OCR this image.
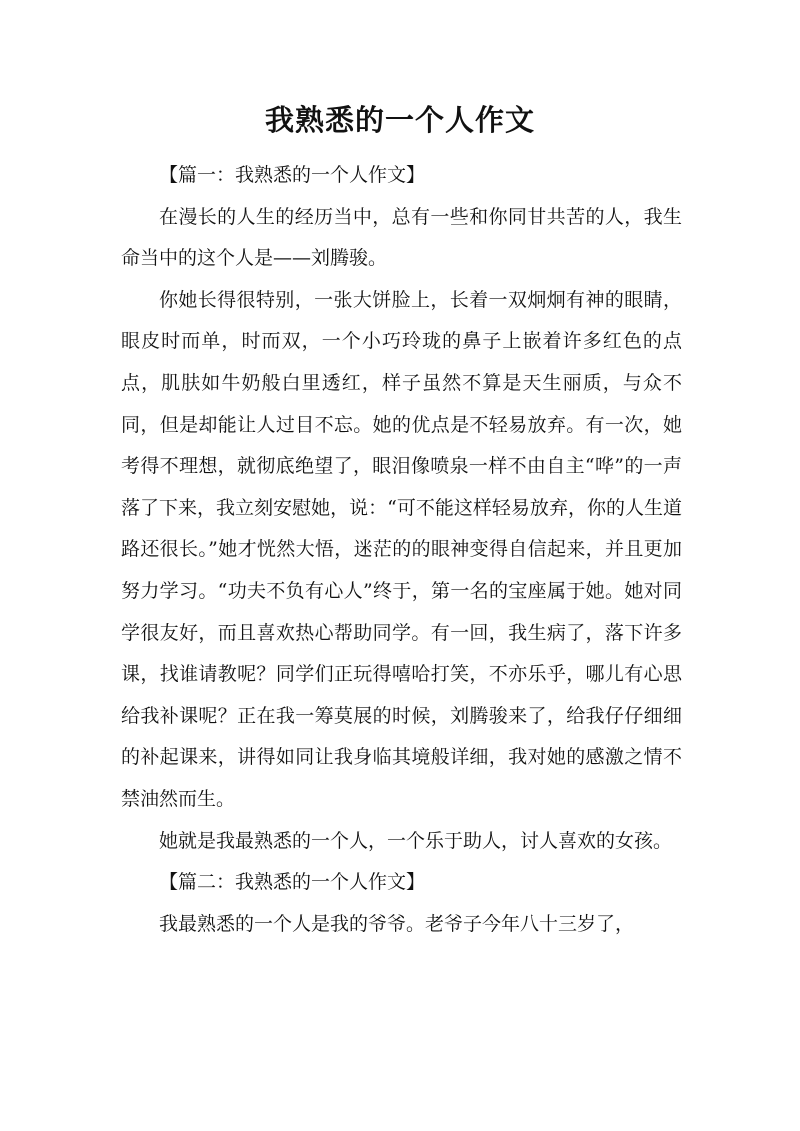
我熟悉的一个人作文

【篇一：我熟悉的一个人作文】

在漫长的人生的经历当中，总有一些和你同甘共苦的人，我生命当中的这个人是——刘腾骏。

你她长得很特别，一张大饼脸上，长着一双炯炯有神的眼睛，眼皮时而单，时而双，一个小巧玲珑的鼻子上嵌着许多红色的点点，肌肤如牛奶般白里透红，样子虽然不算是天生丽质，与众不同，但是却能让人过目不忘。她的优点是不轻易放弃。有一次，她考得不理想，就彻底绝望了，眼泪像喷泉一样不由自主“哗”的一声落了下来，我立刻安慰她，说：“可不能这样轻易放弃，你的人生道路还很长。”她才恍然大悟，迷茫的的眼神变得自信起来，并且更加努力学习。“功夫不负有心人”终于，第一名的宝座属于她。她对同学很友好，而且喜欢热心帮助同学。有一回，我生病了，落下许多课，找谁请教呢？同学们正玩得嘻哈打笑，不亦乐乎，哪儿有心思给我补课呢？正在我一筹莫展的时候，刘腾骏来了，给我仔仔细细的补起课来，讲得如同让我身临其境般详细，我对她的感激之情不禁油然而生。

她就是我最熟悉的一个人，一个乐于助人，讨人喜欢的女孩。

【篇二：我熟悉的一个人作文】

我最熟悉的一个人是我的爷爷。老爷子今年八十三岁了，
